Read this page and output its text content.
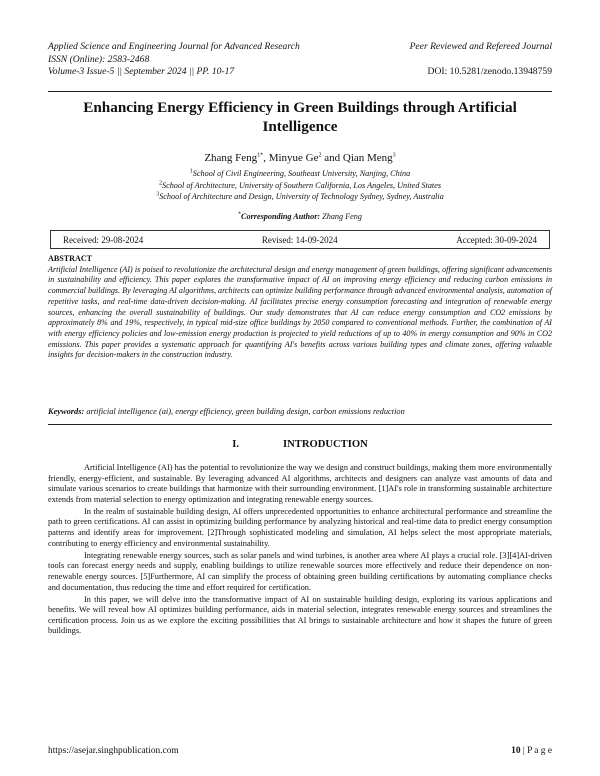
Applied Science and Engineering Journal for Advanced Research	Peer Reviewed and Refereed Journal
ISSN (Online): 2583-2468
Volume-3 Issue-5 || September 2024 || PP. 10-17	DOI: 10.5281/zenodo.13948759
Enhancing Energy Efficiency in Green Buildings through Artificial Intelligence
Zhang Feng$^{1*}$, Minyue Ge$^2$ and Qian Meng$^3$
$^1$School of Civil Engineering, Southeast University, Nanjing, China
$^2$School of Architecture, University of Southern California, Los Angeles, United States
$^3$School of Architecture and Design, University of Technology Sydney, Sydney, Australia
*Corresponding Author: Zhang Feng
Received: 29-08-2024	Revised: 14-09-2024	Accepted: 30-09-2024
ABSTRACT
Artificial Intelligence (AI) is poised to revolutionize the architectural design and energy management of green buildings, offering significant advancements in sustainability and efficiency. This paper explores the transformative impact of AI on improving energy efficiency and reducing carbon emissions in commercial buildings. By leveraging AI algorithms, architects can optimize building performance through advanced environmental analysis, automation of repetitive tasks, and real-time data-driven decision-making. AI facilitates precise energy consumption forecasting and integration of renewable energy sources, enhancing the overall sustainability of buildings. Our study demonstrates that AI can reduce energy consumption and CO2 emissions by approximately 8% and 19%, respectively, in typical mid-size office buildings by 2050 compared to conventional methods. Further, the combination of AI with energy efficiency policies and low-emission energy production is projected to yield reductions of up to 40% in energy consumption and 90% in CO2 emissions. This paper provides a systematic approach for quantifying AI's benefits across various building types and climate zones, offering valuable insights for decision-makers in the construction industry.
Keywords: artificial intelligence (ai), energy efficiency, green building design, carbon emissions reduction
I.	INTRODUCTION

Artificial Intelligence (AI) has the potential to revolutionize the way we design and construct buildings, making them more environmentally friendly, energy-efficient, and sustainable. By leveraging advanced AI algorithms, architects and designers can analyze vast amounts of data and simulate various scenarios to create buildings that harmonize with their surrounding environment. [1]AI's role in transforming sustainable architecture extends from material selection to energy optimization and integrating renewable energy sources.

In the realm of sustainable building design, AI offers unprecedented opportunities to enhance architectural performance and streamline the path to green certifications. AI can assist in optimizing building performance by analyzing historical and real-time data to predict energy consumption patterns and identify areas for improvement. [2]Through sophisticated modeling and simulation, AI helps select the most appropriate materials, contributing to energy efficiency and environmental sustainability.

Integrating renewable energy sources, such as solar panels and wind turbines, is another area where AI plays a crucial role. [3][4]AI-driven tools can forecast energy needs and supply, enabling buildings to utilize renewable sources more effectively and reduce their dependence on non-renewable energy sources. [5]Furthermore, AI can simplify the process of obtaining green building certifications by automating compliance checks and documentation, thus reducing the time and effort required for certification.

In this paper, we will delve into the transformative impact of AI on sustainable building design, exploring its various applications and benefits. We will reveal how AI optimizes building performance, aids in material selection, integrates renewable energy sources and streamlines the certification process. Join us as we explore the exciting possibilities that AI brings to sustainable architecture and how it shapes the future of green buildings.

https://asejar.singhpublication.com	10 | P a g e
